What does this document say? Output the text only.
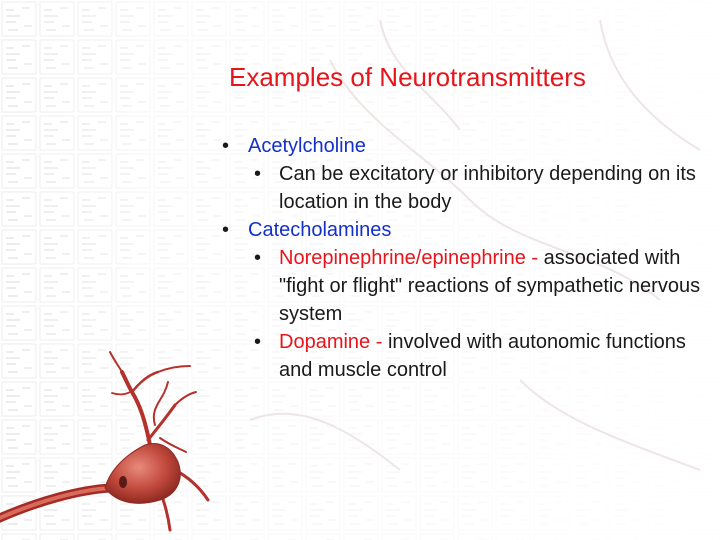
Examples of Neurotransmitters

• Acetylcholine

• Can be excitatory or inhibitory depending on its location in the body

• Catecholamines

• Norepinephrine/epinephrine - associated with "fight or flight" reactions of sympathetic nervous system

• Dopamine - involved with autonomic functions and muscle control
